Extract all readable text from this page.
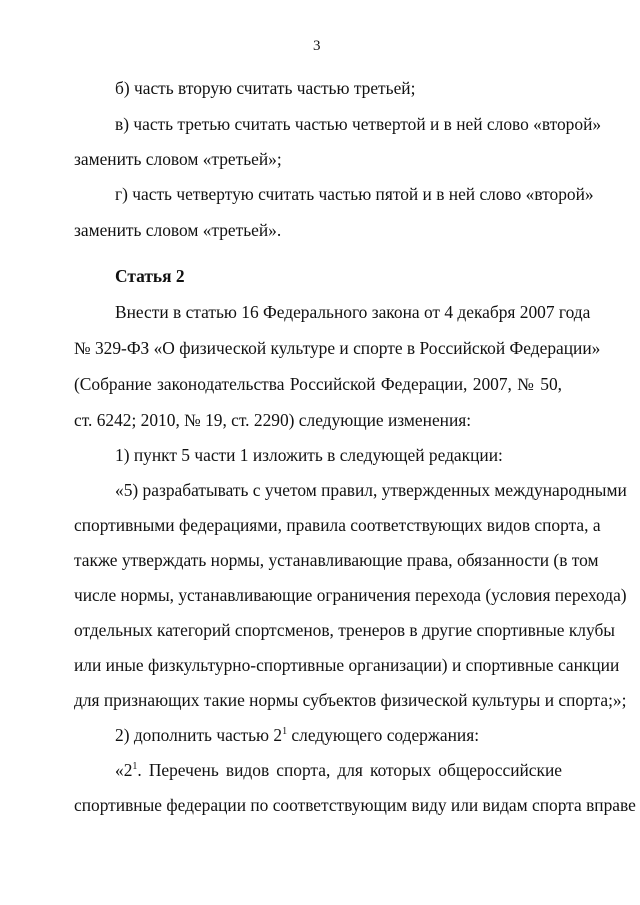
3
б) часть вторую считать частью третьей;
в) часть третью считать частью четвертой и в ней слово «второй»
заменить словом «третьей»;
г) часть четвертую считать частью пятой и в ней слово «второй»
заменить словом «третьей».
Статья 2
Внести в статью 16 Федерального закона от 4 декабря 2007 года
№ 329-ФЗ «О физической культуре и спорте в Российской Федерации»
(Собрание законодательства Российской Федерации, 2007, № 50,
ст. 6242; 2010, № 19, ст. 2290) следующие изменения:
1) пункт 5 части 1 изложить в следующей редакции:
«5) разрабатывать с учетом правил, утвержденных международными
спортивными федерациями, правила соответствующих видов спорта, а
также утверждать нормы, устанавливающие права, обязанности (в том
числе нормы, устанавливающие ограничения перехода (условия перехода)
отдельных категорий спортсменов, тренеров в другие спортивные клубы
или иные физкультурно-спортивные организации) и спортивные санкции
для признающих такие нормы субъектов физической культуры и спорта;»;
2) дополнить частью $2^1$ следующего содержания:
«$2^1$. Перечень видов спорта, для которых общероссийские
спортивные федерации по соответствующим виду или видам спорта вправе
